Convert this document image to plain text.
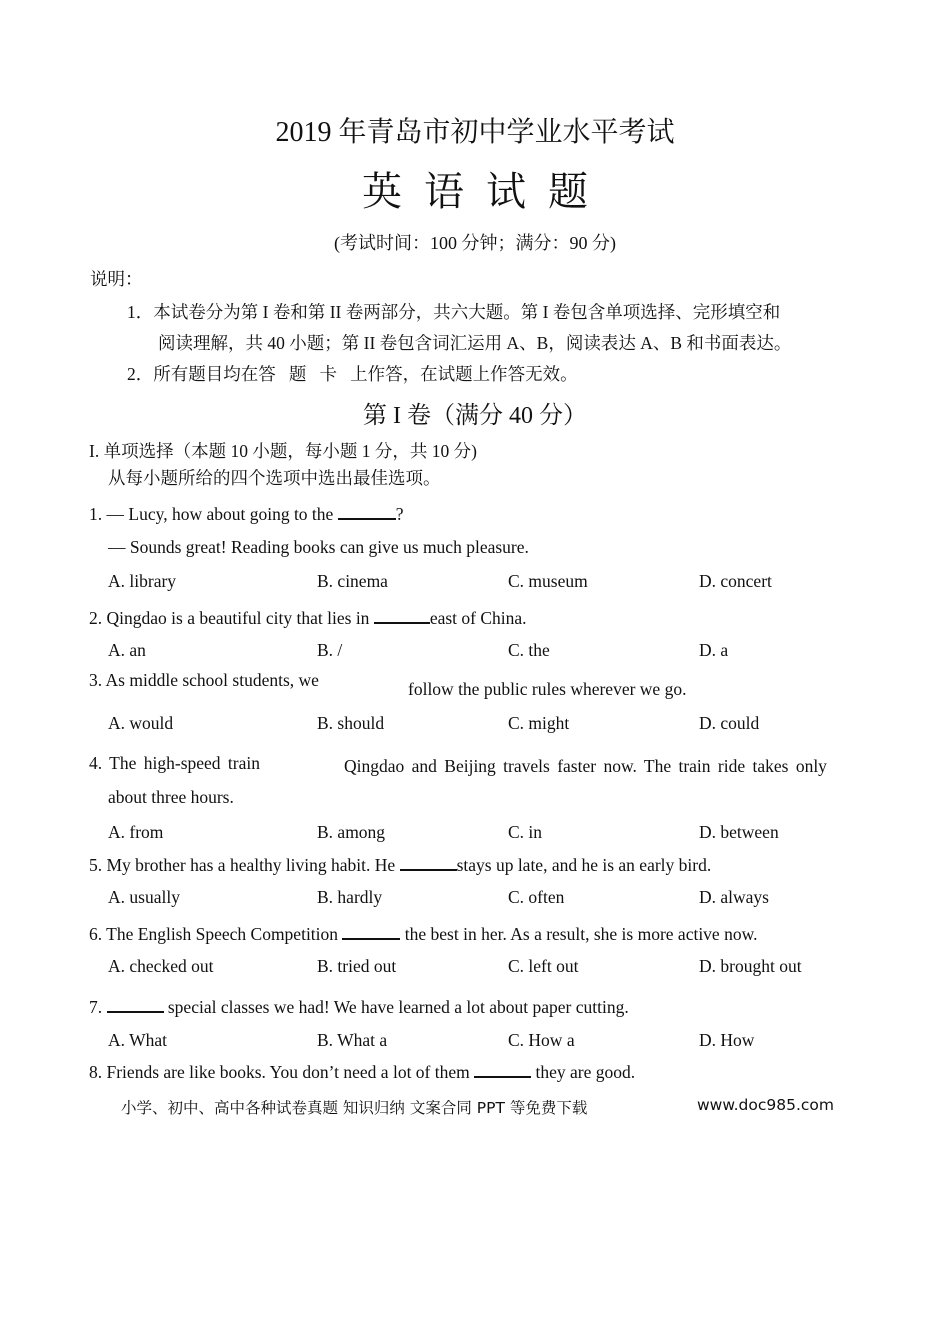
2019 年青岛市初中学业水平考试
英语试题
(考试时间：100 分钟；满分：90 分)
说明：
1．本试卷分为第 I 卷和第 II 卷两部分，共六大题。第 I 卷包含单项选择、完形填空和
阅读理解，共 40 小题；第 II 卷包含词汇运用 A、B，阅读表达 A、B 和书面表达。
2．所有题目均在答   题   卡   上作答，在试题上作答无效。
第 I 卷（满分 40 分）
I. 单项选择（本题 10 小题，每小题 1 分，共 10 分)
从每小题所给的四个选项中选出最佳选项。
1. — Lucy, how about going to the	?
— Sounds great! Reading books can give us much pleasure.
A. library	B. cinema	C. museum	D. concert
2. Qingdao is a beautiful city that lies in	east of China.
A. an	B. /	C. the	D. a
3. As middle school students, we	follow the public rules wherever we go.
A. would	B. should	C. might	D. could
4. The high-speed train	Qingdao and Beijing travels faster now. The train ride takes only
about three hours.
A. from	B. among	C. in	D. between
5. My brother has a healthy living habit. He	stays up late, and he is an early bird.
A. usually	B. hardly	C. often	D. always
6. The English Speech Competition	the best in her. As a result, she is more active now.
A. checked out	B. tried out	C. left out	D. brought out
7.	special classes we had! We have learned a lot about paper cutting.
A. What	B. What a	C. How a	D. How
8. Friends are like books. You don’t need a lot of them	they are good.
小学、初中、高中各种试卷真题 知识归纳 文案合同 PPT 等免费下载	www.doc985.com
